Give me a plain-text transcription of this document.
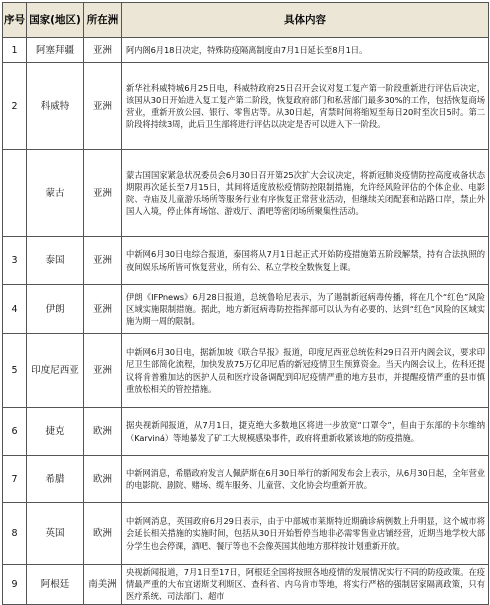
序号	国家(地区)	所在洲	具体内容
1	阿塞拜疆	亚洲	阿内阁6月18日决定，特殊防疫隔离制度由7月1日延长至8月1日。
2	科威特	亚洲	新华社科威特城6月25日电，科威特政府25日召开会议对复工复产第一阶段重新进行评估后决定，该国从30日开始进入复工复产第二阶段，恢复政府部门和私营部门最多30%的工作，包括恢复商场营业，重新开放公园、银行、零售店等。从30日起，宵禁时间将缩短至每日20时至次日5时。第二阶段将持续3周，此后卫生部将进行评估以决定是否可以进入下一阶段。
	蒙古	亚洲	蒙古国国家紧急状况委员会6月30日召开第25次扩大会议决定，将新冠肺炎疫情防控高度戒备状态期限再次延长至7月15日，其间将适度放松疫情防控限制措施，允许经风险评估的个体企业、电影院、寺庙及儿童游乐场所等服务行业有序恢复正常营业活动，但继续关闭配套和站路口岸，禁止外国人入境，停止体育场馆、游戏厅、酒吧等密闭场所聚集性活动。
3	泰国	亚洲	中新网6月30日电综合报道，泰国将从7月1日起正式开始防疫措施第五阶段解禁，持有合法执照的夜间娱乐场所皆可恢复营业，所有公、私立学校全数恢复上课。
4	伊朗	亚洲	伊朗《IFPnews》6月28日报道，总统鲁哈尼表示，为了遏制新冠病毒传播，将在几个“红色”风险区域实施限制措施。据此，地方新冠病毒防控指挥部可以认为有必要的、达到“红色”风险的区域实施为期一周的限制。
5	印度尼西亚	亚洲	中新网6月30日电，据新加坡《联合早报》报道，印度尼西亚总统佐科29日召开内阁会议，要求印尼卫生部简化流程，加快发放75万亿印尼盾的新冠疫情卫生预算资金。当天内阁会议上，佐科还提议将肯普雅加达的医护人员和医疗设备调配到印尼疫情严重的地方县市，并提醒疫情严重的县市慎重放松相关的管控措施。
6	捷克	欧洲	据央视新闻报道，从7月1日，捷克绝大多数地区将进一步放宽“口罩令”，但由于东部的卡尔维纳（Karviná）等地暴发了矿工大规模感染事件，政府将重新收紧该地的防疫措施。
7	希腊	欧洲	中新网消息，希腊政府发言人佩萨斯在6月30日举行的新闻发布会上表示，从6月30日起，全年营业的电影院、剧院、赌场、缆车服务、儿童营、文化协会均重新开放。
8	英国	欧洲	中新网消息，英国政府6月29日表示，由于中部城市莱斯特近期确诊病例数上升明显，这个城市将会延长相关措施的实施时间，包括从30日开始暂停当地非必需零售业店铺经营，近期当地学校大部分学生也会停课，酒吧、餐厅等也不会像英国其他地方那样按计划重新开放。
9	阿根廷	南美洲	央视新闻报道，7月1日至17日，阿根廷全国将按照各地疫情的发展情况实行不同的防疫政策。在疫情最严重的大布宜诺斯艾利斯区、查科省、内乌肯市等地，将实行严格的强制居家隔离政策，只有医疗系统、司法部门、超市
